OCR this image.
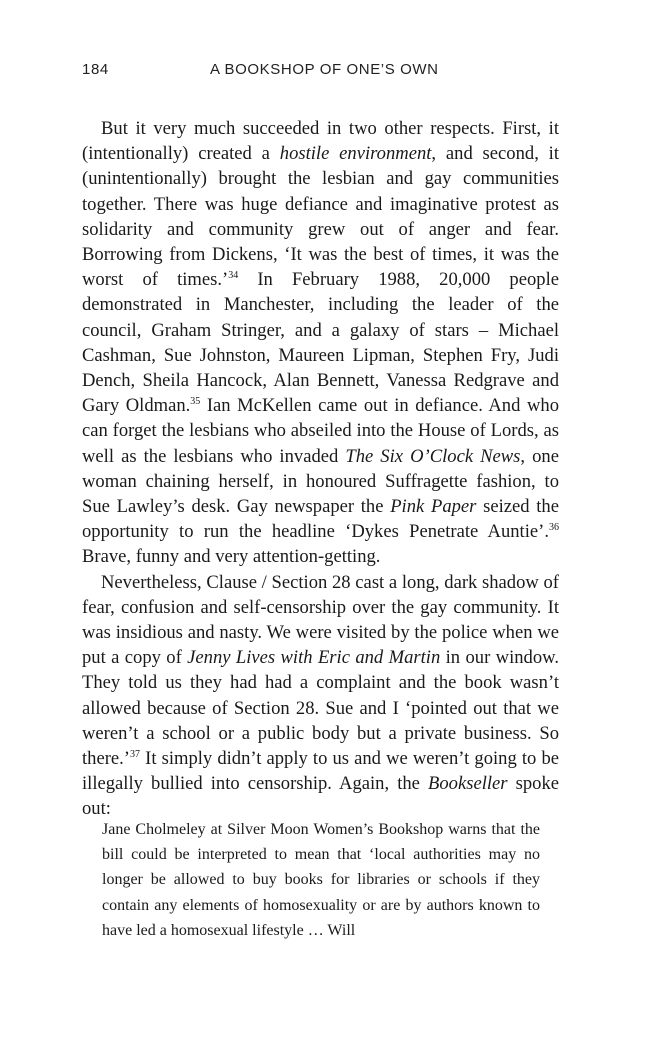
184	A BOOKSHOP OF ONE’S OWN

But it very much succeeded in two other respects. First, it (intentionally) created a hostile environment, and second, it (unintentionally) brought the lesbian and gay communities together. There was huge defiance and imaginative protest as solidarity and community grew out of anger and fear. Borrowing from Dickens, ‘It was the best of times, it was the worst of times.’$^{34}$ In February 1988, 20,000 people demonstrated in Manchester, including the leader of the council, Graham Stringer, and a galaxy of stars – Michael Cashman, Sue Johnston, Maureen Lipman, Stephen Fry, Judi Dench, Sheila Hancock, Alan Bennett, Vanessa Redgrave and Gary Oldman.$^{35}$ Ian McKellen came out in defiance. And who can forget the lesbians who abseiled into the House of Lords, as well as the lesbians who invaded The Six O’Clock News, one woman chaining herself, in honoured Suffragette fashion, to Sue Lawley’s desk. Gay newspaper the Pink Paper seized the opportunity to run the headline ‘Dykes Penetrate Auntie’.$^{36}$ Brave, funny and very attention-getting.

Nevertheless, Clause / Section 28 cast a long, dark shadow of fear, confusion and self-censorship over the gay community. It was insidious and nasty. We were visited by the police when we put a copy of Jenny Lives with Eric and Martin in our window. They told us they had had a complaint and the book wasn’t allowed because of Section 28. Sue and I ‘pointed out that we weren’t a school or a public body but a private business. So there.’$^{37}$ It simply didn’t apply to us and we weren’t going to be illegally bullied into censorship. Again, the Bookseller spoke out:

Jane Cholmeley at Silver Moon Women’s Bookshop warns that the bill could be interpreted to mean that ‘local authorities may no longer be allowed to buy books for libraries or schools if they contain any elements of homosexuality or are by authors known to have led a homosexual lifestyle … Will
